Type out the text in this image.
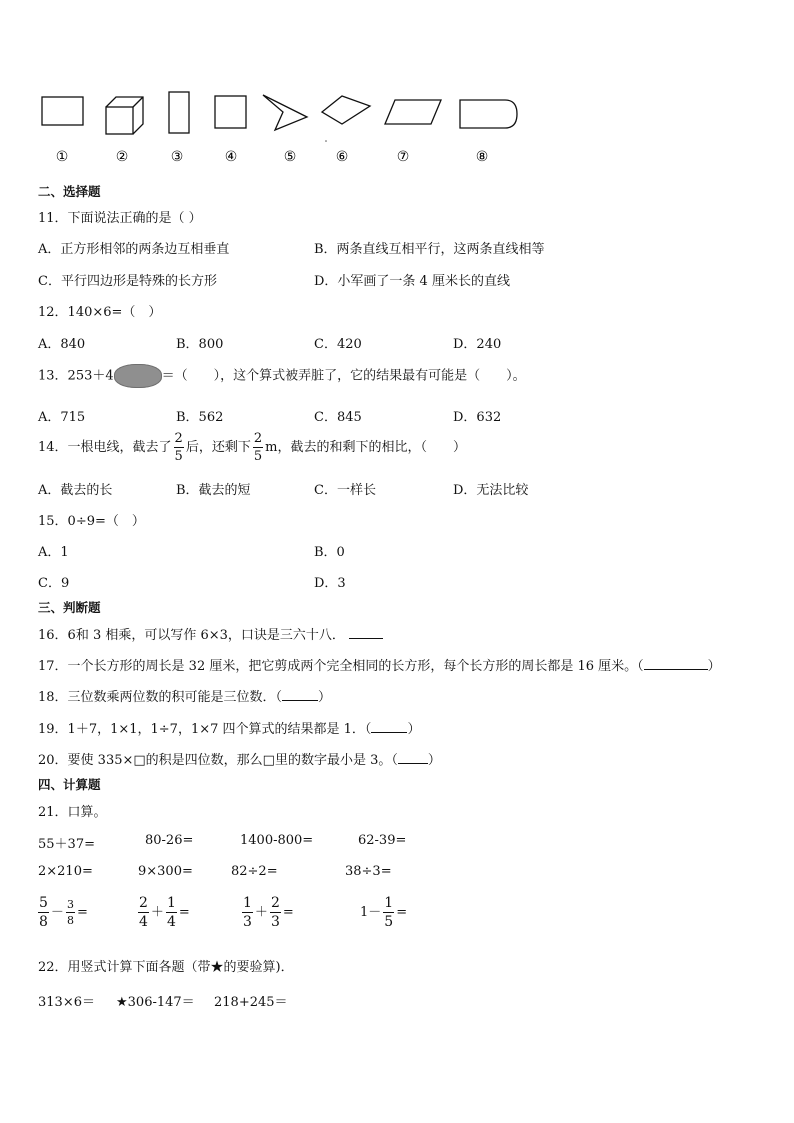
①	②	③	④	⑤	⑥	⑦	⑧
二、选择题
11．下面说法正确的是（ ）
A．正方形相邻的两条边互相垂直	B．两条直线互相平行，这两条直线相等
C．平行四边形是特殊的长方形	D．小军画了一条 4 厘米长的直线
12．140×6=（　）
A．840	B．800	C．420	D．240
13．253＋4	＝（　　），这个算式被弄脏了，它的结果最有可能是（　　）。
A．715	B．562	C．845	D．632
14．一根电线，截去了 $\frac{2}{5}$ 后，还剩下 $\frac{2}{5}$ m，截去的和剩下的相比，（　　）
A．截去的长	B．截去的短	C．一样长	D．无法比较
15．0÷9=（　）
A．1	B．0
C．9	D．3
三、判断题
16．6和 3 相乘，可以写作 6×3，口诀是三六十八．
17．一个长方形的周长是 32 厘米，把它剪成两个完全相同的长方形，每个长方形的周长都是 16 厘米。（	）
18．三位数乘两位数的积可能是三位数．（	）
19．1＋7，1×1，1÷7，1×7 四个算式的结果都是 1．（	）
20．要使 335×□的积是四位数，那么□里的数字最小是 3。（ ）
四、计算题
21．口算。
55＋37=	80-26=	1400-800=	62-39=
2×210=	9×300=	82÷2=	38÷3=
$\frac{5}{8} - \frac{3}{8}$ =	$\frac{2}{4} + \frac{1}{4}$ =	$\frac{1}{3} + \frac{2}{3}$ =	$1- \frac{1}{5}$ =
22．用竖式计算下面各题（带★的要验算)．
313×6＝ ★306-147＝ 218+245＝
